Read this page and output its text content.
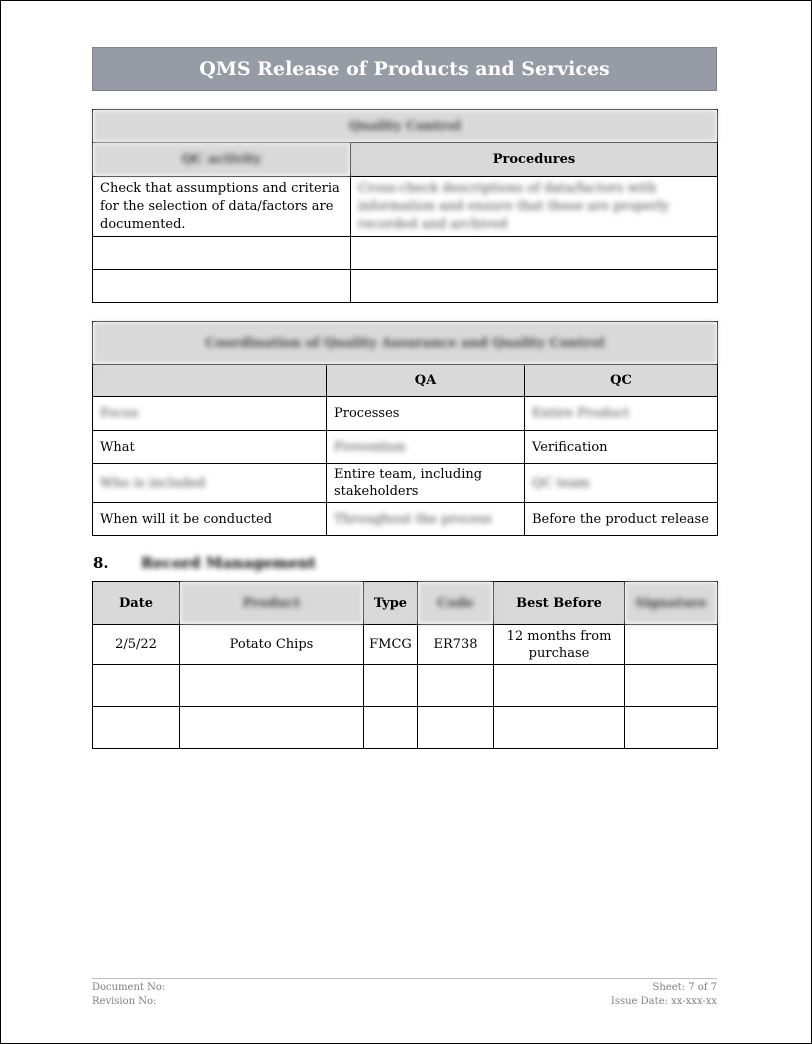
QMS Release of Products and Services
Quality Control	
QC activity	Procedures
Check that assumptions and criteria for the selection of data/factors are documented.	Cross-check descriptions of data/factors with information and ensure that these are properly recorded and archived

Coordination of Quality Assurance and Quality Control		
	QA	QC
Focus	Processes	Entire Product
What	Prevention	Verification
Who is included	Entire team, including stakeholders	QC team
When will it be conducted	Throughout the process	Before the product release
8.	Record Management
Date	Product	Type	Code	Best Before	Signature
2/5/22	Potato Chips	FMCG	ER738	12 months from purchase	

Document No:	Sheet: 7 of 7
Revision No:	Issue Date: xx-xxx-xx
